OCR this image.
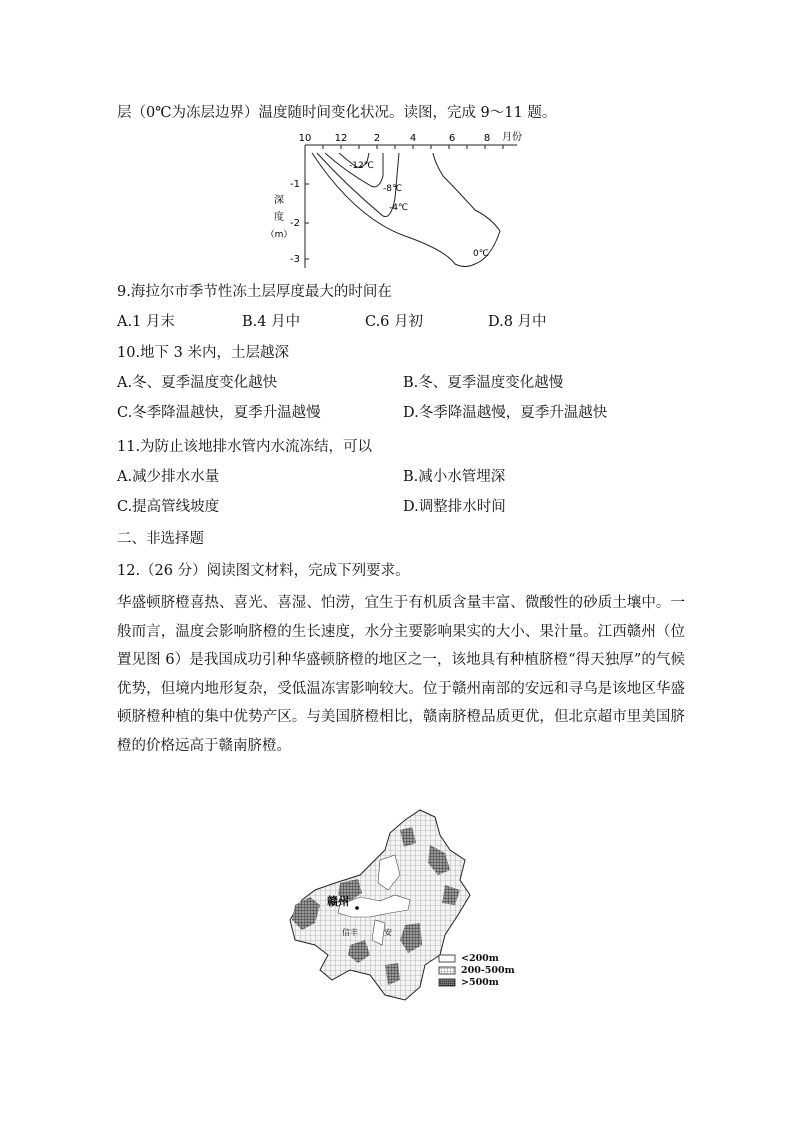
层（0℃为冻层边界）温度随时间变化状况。读图，完成 9～11 题。
10 12	2	4	6	8 月份
-1
-2
-3
深
度
（m）
-12℃
-8℃
-4℃
0℃
9.海拉尔市季节性冻土层厚度最大的时间在
A.1 月末	B.4 月中	C.6 月初	D.8 月中
10.地下 3 米内，土层越深
A.冬、夏季温度变化越快	B.冬、夏季温度变化越慢
C.冬季降温越快，夏季升温越慢	D.冬季降温越慢，夏季升温越快
11.为防止该地排水管内水流冻结，可以
A.减少排水水量	B.减小水管埋深
C.提高管线坡度	D.调整排水时间
二、非选择题
12.（26 分）阅读图文材料，完成下列要求。
华盛顿脐橙喜热、喜光、喜湿、怕涝，宜生于有机质含量丰富、微酸性的砂质土壤中。一般而言，温度会影响脐橙的生长速度，水分主要影响果实的大小、果汁量。江西赣州（位置见图 6）是我国成功引种华盛顿脐橙的地区之一，该地具有种植脐橙“得天独厚”的气候优势，但境内地形复杂，受低温冻害影响较大。位于赣州南部的安远和寻乌是该地区华盛顿脐橙种植的集中优势产区。与美国脐橙相比，赣南脐橙品质更优，但北京超市里美国脐橙的价格远高于赣南脐橙。
赣州
信丰	安
<200m
200-500m
>500m
